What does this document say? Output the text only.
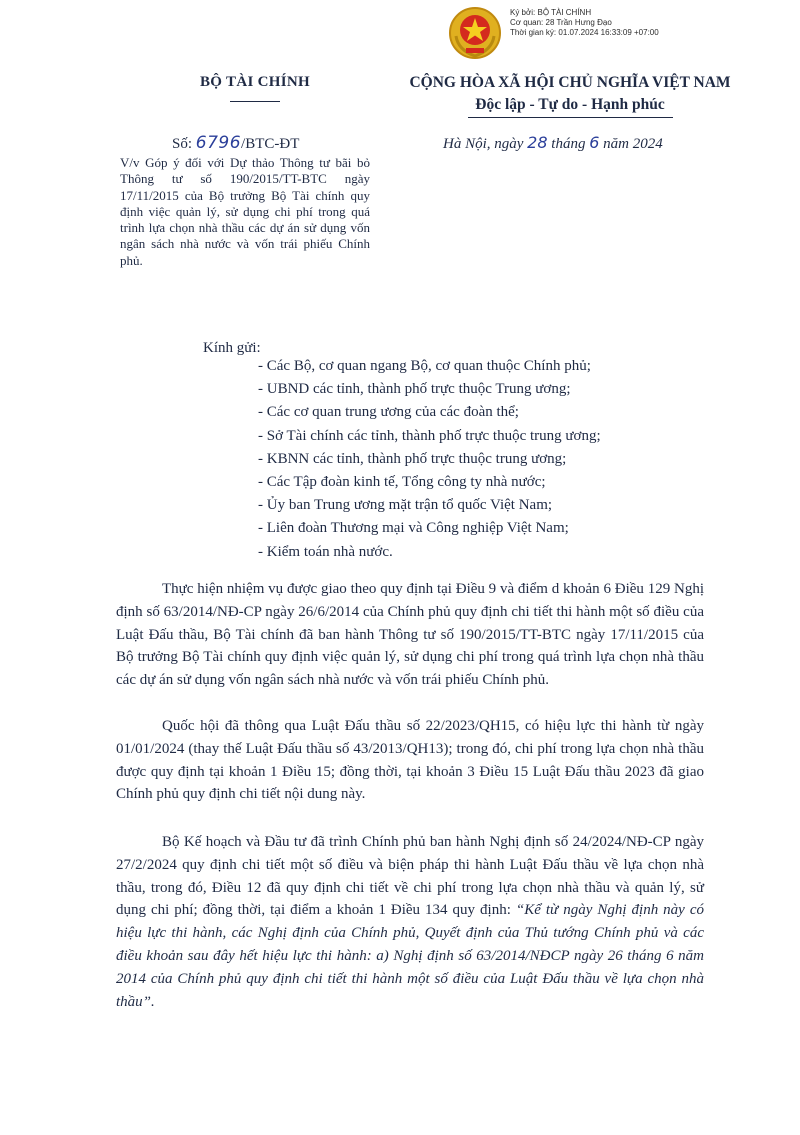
Ký bởi: BỘ TÀI CHÍNH
Cơ quan: 28 Trần Hưng Đạo
Thời gian ký: 01.07.2024 16:33:09 +07:00
BỘ TÀI CHÍNH	CỘNG HÒA XÃ HỘI CHỦ NGHĨA VIỆT NAM
Độc lập - Tự do - Hạnh phúc
Số: 6796/BTC-ĐT	Hà Nội, ngày 28 tháng 6 năm 2024
V/v Góp ý đối với Dự thảo Thông tư bãi bỏ Thông tư số 190/2015/TT-BTC ngày 17/11/2015 của Bộ trưởng Bộ Tài chính quy định việc quản lý, sử dụng chi phí trong quá trình lựa chọn nhà thầu các dự án sử dụng vốn ngân sách nhà nước và vốn trái phiếu Chính phủ.
Kính gửi:
- Các Bộ, cơ quan ngang Bộ, cơ quan thuộc Chính phủ;
- UBND các tỉnh, thành phố trực thuộc Trung ương;
- Các cơ quan trung ương của các đoàn thể;
- Sở Tài chính các tỉnh, thành phố trực thuộc trung ương;
- KBNN các tỉnh, thành phố trực thuộc trung ương;
- Các Tập đoàn kinh tế, Tổng công ty nhà nước;
- Ủy ban Trung ương mặt trận tổ quốc Việt Nam;
- Liên đoàn Thương mại và Công nghiệp Việt Nam;
- Kiểm toán nhà nước.

Thực hiện nhiệm vụ được giao theo quy định tại Điều 9 và điểm d khoản 6 Điều 129 Nghị định số 63/2014/NĐ-CP ngày 26/6/2014 của Chính phủ quy định chi tiết thi hành một số điều của Luật Đấu thầu, Bộ Tài chính đã ban hành Thông tư số 190/2015/TT-BTC ngày 17/11/2015 của Bộ trưởng Bộ Tài chính quy định việc quản lý, sử dụng chi phí trong quá trình lựa chọn nhà thầu các dự án sử dụng vốn ngân sách nhà nước và vốn trái phiếu Chính phủ.

Quốc hội đã thông qua Luật Đấu thầu số 22/2023/QH15, có hiệu lực thi hành từ ngày 01/01/2024 (thay thế Luật Đấu thầu số 43/2013/QH13); trong đó, chi phí trong lựa chọn nhà thầu được quy định tại khoản 1 Điều 15; đồng thời, tại khoản 3 Điều 15 Luật Đấu thầu 2023 đã giao Chính phủ quy định chi tiết nội dung này.

Bộ Kế hoạch và Đầu tư đã trình Chính phủ ban hành Nghị định số 24/2024/NĐ-CP ngày 27/2/2024 quy định chi tiết một số điều và biện pháp thi hành Luật Đấu thầu về lựa chọn nhà thầu, trong đó, Điều 12 đã quy định chi tiết về chi phí trong lựa chọn nhà thầu và quản lý, sử dụng chi phí; đồng thời, tại điểm a khoản 1 Điều 134 quy định: “Kể từ ngày Nghị định này có hiệu lực thi hành, các Nghị định của Chính phủ, Quyết định của Thủ tướng Chính phủ và các điều khoản sau đây hết hiệu lực thi hành: a) Nghị định số 63/2014/NĐCP ngày 26 tháng 6 năm 2014 của Chính phủ quy định chi tiết thi hành một số điều của Luật Đấu thầu về lựa chọn nhà thầu”.
